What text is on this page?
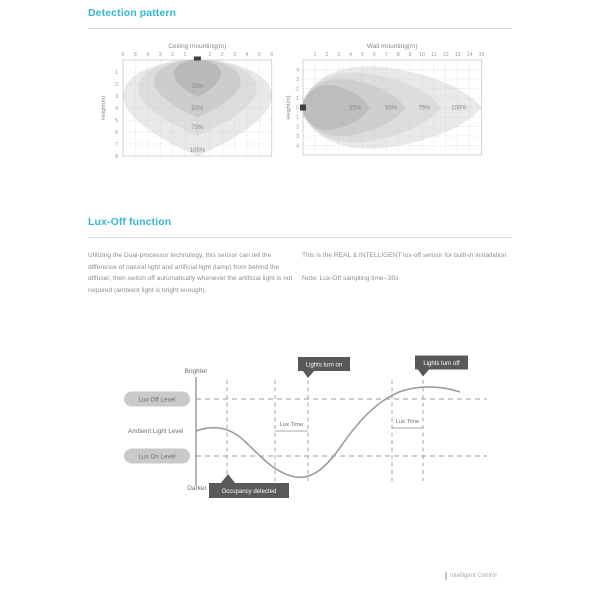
Detection pattern
Ceiling mounting(m)
6 5 4 3 2 1	1 2 3 4 5 6
1
2
3
4
5
6
7
8
Height(m)
100%
75%
50%
25%
Wall mounting(m)
1 2 3 4 5 6 7 8 9 10 11 12 13 14 15
4
3
2
1
0
1
2
3
4
Height(m)	100%
75%
50%
25%
Lux-Off function

Utilizing the Dual-processor technology, this sensor can tell the difference of natural light and artificial light (lamp) from behind the diffuser, then switch off automatically whenever the artificial light is not required (ambient light is bright enough).

This is the REAL & INTELLIGENT lux-off sensor for built-in installation.

Note: Lux-Off sampling time--30s

Brighter
Darker
Lux Off Level
Ambient Light Level
Lux On Level
Lux Time	Lux Time
Lights turn on	Lights turn off
Occupancy detected
Intelligent Control
